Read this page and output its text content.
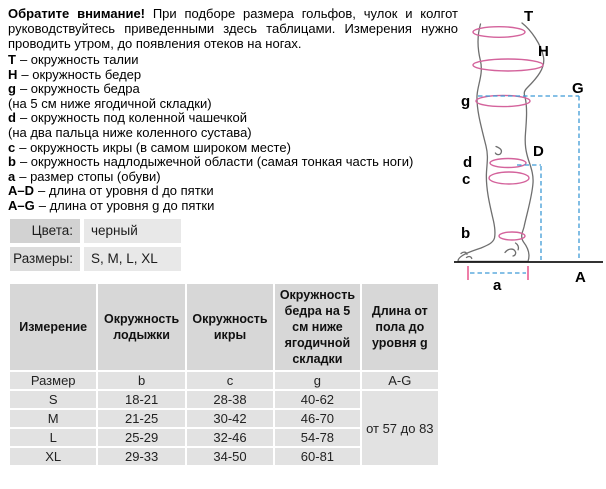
Обратите внимание! При подборе размера гольфов, чулок и колгот
руководствуйтесь приведенными здесь таблицами. Измерения нужно
проводить утром, до появления отеков на ногах.
T – окружность талии
H – окружность бедер
g – окружность бедра
(на 5 см ниже ягодичной складки)
d – окружность под коленной чашечкой
(на два пальца ниже коленного сустава)
c – окружность икры (в самом широком месте)
b – окружность надлодыжечной области (самая тонкая часть ноги)
a – размер стопы (обуви)
A–D – длина от уровня d до пятки
A–G – длина от уровня g до пятки
Цвета: черный
Размеры: S, M, L, XL
Измерение	Окружность лодыжки	Окружность икры	Окружность бедра на 5 см ниже ягодичной складки	Длина от пола до уровня g
Размер	b	c	g	A-G
S	18-21	28-38	40-62	от 57 до 83
M	21-25	30-42	46-70	
L	25-29	32-46	54-78	
XL	29-33	34-50	60-81	
T
H
g
G
d
D
c
b
a	A
